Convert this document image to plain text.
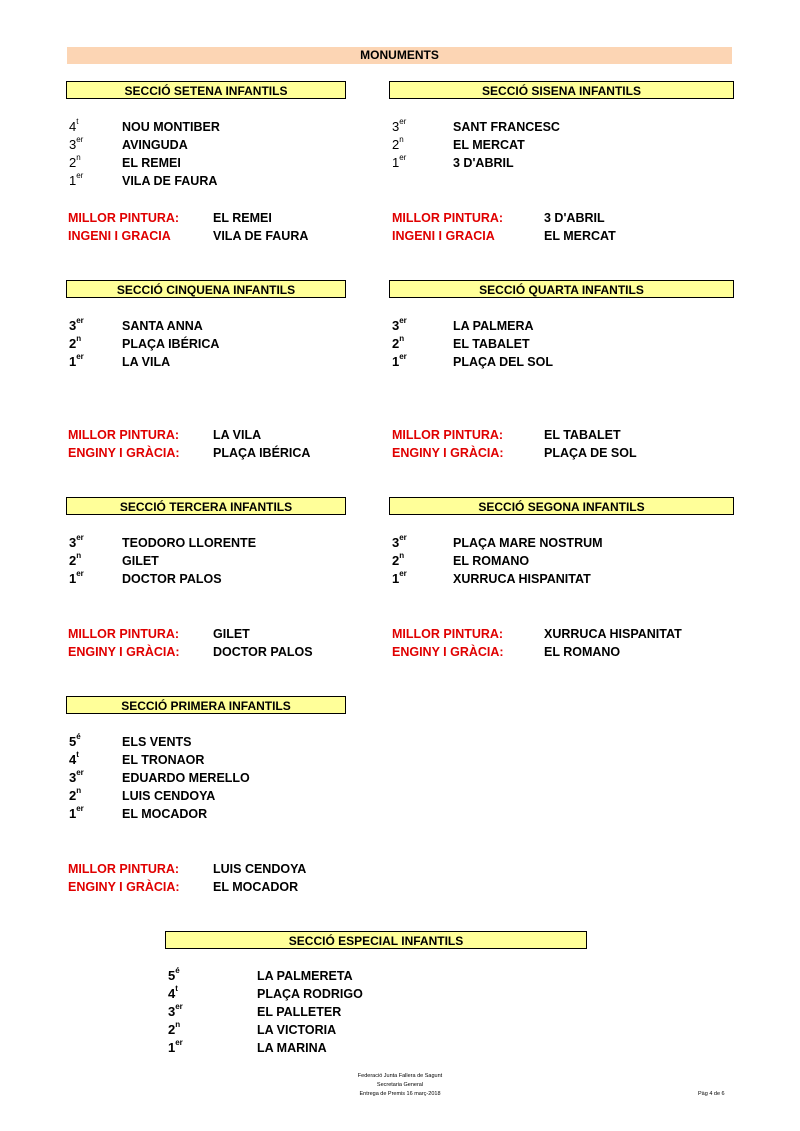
MONUMENTS
SECCIÓ SETENA INFANTILS
4$^t$	NOU MONTIBER
3er	AVINGUDA
2$^n$	EL REMEI
1er	VILA DE FAURA
MILLOR PINTURA:	EL REMEI
INGENI I GRACIA	VILA DE FAURA
SECCIÓ SISENA INFANTILS
3er	SANT FRANCESC
2$^n$	EL MERCAT
1er	3 D'ABRIL
MILLOR PINTURA:	3 D'ABRIL
INGENI I GRACIA	EL MERCAT
SECCIÓ CINQUENA INFANTILS
3er	SANTA ANNA
2$^n$	PLAÇA IBÉRICA
1er	LA VILA
MILLOR PINTURA:	LA VILA
ENGINY I GRÀCIA:	PLAÇA IBÉRICA
SECCIÓ QUARTA INFANTILS
3er	LA PALMERA
2$^n$	EL TABALET
1er	PLAÇA DEL SOL
MILLOR PINTURA:	EL TABALET
ENGINY I GRÀCIA:	PLAÇA DE SOL
SECCIÓ TERCERA INFANTILS
3er	TEODORO LLORENTE
2$^n$	GILET
1er	DOCTOR PALOS
MILLOR PINTURA:	GILET
ENGINY I GRÀCIA:	DOCTOR PALOS
SECCIÓ SEGONA INFANTILS
3er	PLAÇA MARE NOSTRUM
2$^n$	EL ROMANO
1er	XURRUCA HISPANITAT
MILLOR PINTURA:	XURRUCA HISPANITAT
ENGINY I GRÀCIA:	EL ROMANO
SECCIÓ PRIMERA INFANTILS
$5^é$	ELS VENTS
4$^t$	EL TRONAOR
3er	EDUARDO MERELLO
2$^n$	LUIS CENDOYA
1er	EL MOCADOR
MILLOR PINTURA:	LUIS CENDOYA
ENGINY I GRÀCIA:	EL MOCADOR
SECCIÓ ESPECIAL INFANTILS
$5^é$	LA PALMERETA
4$^t$	PLAÇA RODRIGO
3er	EL PALLETER
2$^n$	LA VICTORIA
1er	LA MARINA
Federació Junta Fallera de Sagunt
Secretaria General
Entrega de Premis 16 març-2018	Pàg 4 de 6
